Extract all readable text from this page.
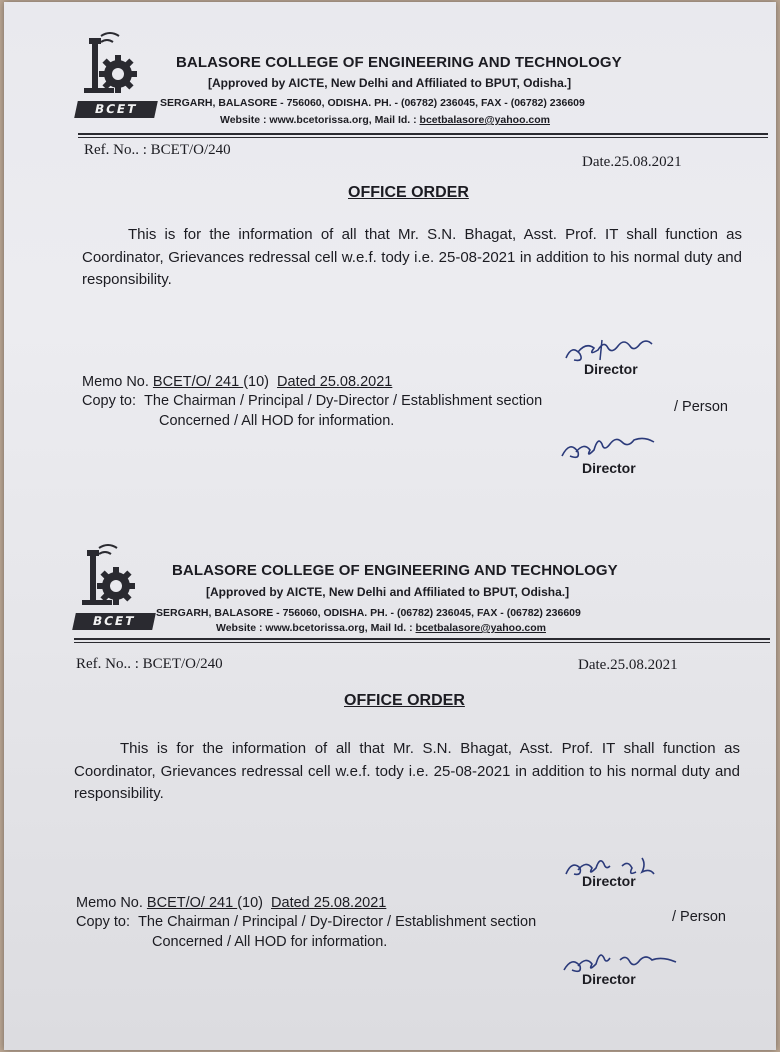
BCET
BALASORE COLLEGE OF ENGINEERING AND TECHNOLOGY
[Approved by AICTE, New Delhi and Affiliated to BPUT, Odisha.]
SERGARH, BALASORE - 756060, ODISHA. PH. - (06782) 236045, FAX - (06782) 236609
Website : www.bcetorissa.org, Mail Id. : bcetbalasore@yahoo.com
Ref. No.. : BCET/O/240
Date.25.08.2021
OFFICE ORDER
This is for the information of all that Mr. S.N. Bhagat, Asst. Prof. IT shall function as Coordinator, Grievances redressal cell w.e.f. tody i.e. 25-08-2021 in addition to his normal duty and responsibility.
Director
Memo No. BCET/O/ 241 (10) Dated 25.08.2021
Copy to: The Chairman / Principal / Dy-Director / Establishment section	/ Person
Concerned / All HOD for information.
Director
BCET
BALASORE COLLEGE OF ENGINEERING AND TECHNOLOGY
[Approved by AICTE, New Delhi and Affiliated to BPUT, Odisha.]
SERGARH, BALASORE - 756060, ODISHA. PH. - (06782) 236045, FAX - (06782) 236609
Website : www.bcetorissa.org, Mail Id. : bcetbalasore@yahoo.com
Ref. No.. : BCET/O/240	Date.25.08.2021
OFFICE ORDER
This is for the information of all that Mr. S.N. Bhagat, Asst. Prof. IT shall function as Coordinator, Grievances redressal cell w.e.f. tody i.e. 25-08-2021 in addition to his normal duty and responsibility.
Director
Memo No. BCET/O/ 241 (10) Dated 25.08.2021
Copy to: The Chairman / Principal / Dy-Director / Establishment section	/ Person
Concerned / All HOD for information.
Director
